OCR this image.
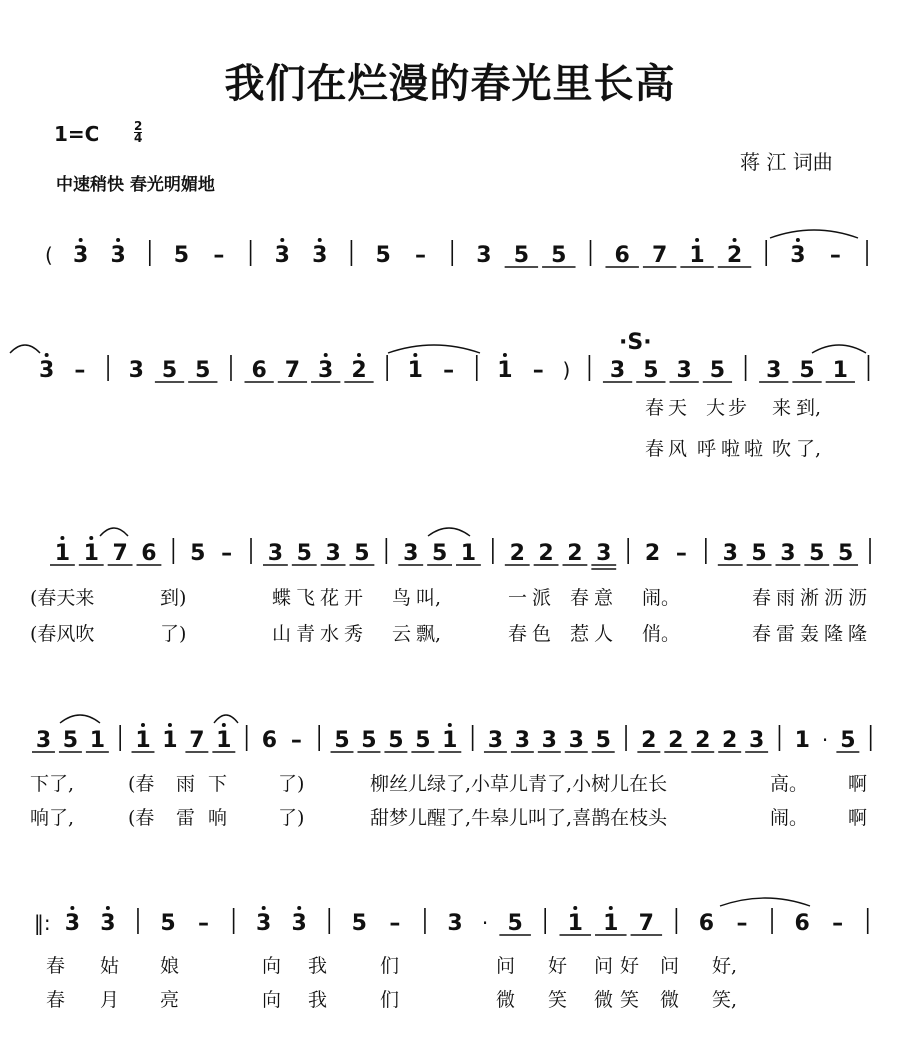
我们在烂漫的春光里长高
1=C	2
4
中速稍快 春光明媚地
蒋 江 词曲
( 3 3 5 – 3 3 5 – 3 5 5 6 7 1 2 3 –
·S·
3 – 3 5 5 6 7 3 2 1 – 1 – ) 3 5 3 5 3 5 1
春 天 大 步 来 到,
春 风 呼 啦 啦 吹 了,
1 1 7 6 5 – 3 5 3 5 3 5 1 2 2 2 3 2 – 3 5 3 5 5
(春天来	到)	蝶 飞 花 开 鸟 叫,	一 派 春 意 闹。	春 雨 淅 沥 沥
(春风吹	了)	山 青 水 秀 云 飘,	春 色 惹 人 俏。	春 雷 轰 隆 隆
3 5 1 1 1 7 1 6 – 5 5 5 5 1 3 3 3 3 5 2 2 2 2 3 1 · 5
下了,	(春 雨 下	了)	柳丝儿绿了,小草儿青了,小树儿在长	高。 啊
响了,	(春 雷 响	了)	甜梦儿醒了,牛皋儿叫了,喜鹊在枝头	闹。 啊
‖: 3 3 5 – 3 3 5 – 3 · 5 1 1 7 6 – 6 –
春 姑 娘	向 我	们	问 好 问 好 问 好,
春 月 亮	向 我	们	微 笑 微 笑 微 笑,
